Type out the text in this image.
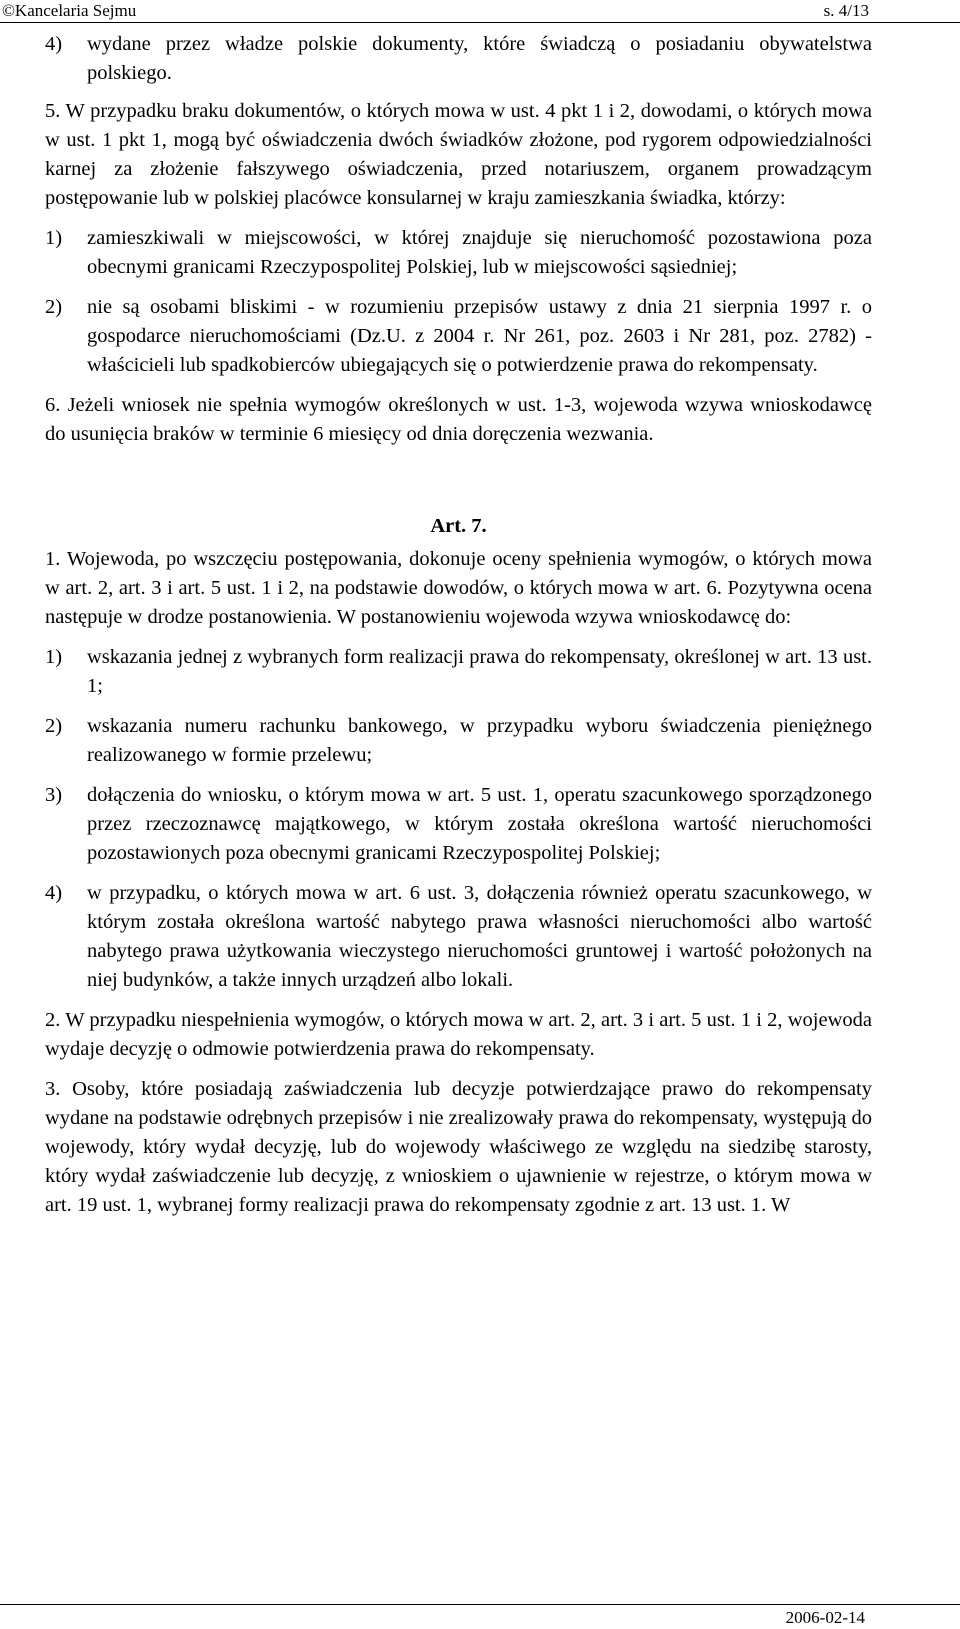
©Kancelaria Sejmu	s. 4/13
4)	wydane przez władze polskie dokumenty, które świadczą o posiadaniu obywatelstwa polskiego.

5. W przypadku braku dokumentów, o których mowa w ust. 4 pkt 1 i 2, dowodami, o których mowa w ust. 1 pkt 1, mogą być oświadczenia dwóch świadków złożone, pod rygorem odpowiedzialności karnej za złożenie fałszywego oświadczenia, przed notariuszem, organem prowadzącym postępowanie lub w polskiej placówce konsularnej w kraju zamieszkania świadka, którzy:

1)	zamieszkiwali w miejscowości, w której znajduje się nieruchomość pozostawiona poza obecnymi granicami Rzeczypospolitej Polskiej, lub w miejscowości sąsiedniej;
2)	nie są osobami bliskimi - w rozumieniu przepisów ustawy z dnia 21 sierpnia 1997 r. o gospodarce nieruchomościami (Dz.U. z 2004 r. Nr 261, poz. 2603 i Nr 281, poz. 2782) - właścicieli lub spadkobierców ubiegających się o potwierdzenie prawa do rekompensaty.

6. Jeżeli wniosek nie spełnia wymogów określonych w ust. 1-3, wojewoda wzywa wnioskodawcę do usunięcia braków w terminie 6 miesięcy od dnia doręczenia wezwania.

Art. 7.

1. Wojewoda, po wszczęciu postępowania, dokonuje oceny spełnienia wymogów, o których mowa w art. 2, art. 3 i art. 5 ust. 1 i 2, na podstawie dowodów, o których mowa w art. 6. Pozytywna ocena następuje w drodze postanowienia. W postanowieniu wojewoda wzywa wnioskodawcę do:

1)	wskazania jednej z wybranych form realizacji prawa do rekompensaty, określonej w art. 13 ust. 1;
2)	wskazania numeru rachunku bankowego, w przypadku wyboru świadczenia pieniężnego realizowanego w formie przelewu;
3)	dołączenia do wniosku, o którym mowa w art. 5 ust. 1, operatu szacunkowego sporządzonego przez rzeczoznawcę majątkowego, w którym została określona wartość nieruchomości pozostawionych poza obecnymi granicami Rzeczypospolitej Polskiej;
4)	w przypadku, o których mowa w art. 6 ust. 3, dołączenia również operatu szacunkowego, w którym została określona wartość nabytego prawa własności nieruchomości albo wartość nabytego prawa użytkowania wieczystego nieruchomości gruntowej i wartość położonych na niej budynków, a także innych urządzeń albo lokali.

2. W przypadku niespełnienia wymogów, o których mowa w art. 2, art. 3 i art. 5 ust. 1 i 2, wojewoda wydaje decyzję o odmowie potwierdzenia prawa do rekompensaty.

3. Osoby, które posiadają zaświadczenia lub decyzje potwierdzające prawo do rekompensaty wydane na podstawie odrębnych przepisów i nie zrealizowały prawa do rekompensaty, występują do wojewody, który wydał decyzję, lub do wojewody właściwego ze względu na siedzibę starosty, który wydał zaświadczenie lub decyzję, z wnioskiem o ujawnienie w rejestrze, o którym mowa w art. 19 ust. 1, wybranej formy realizacji prawa do rekompensaty zgodnie z art. 13 ust. 1. W

2006-02-14
